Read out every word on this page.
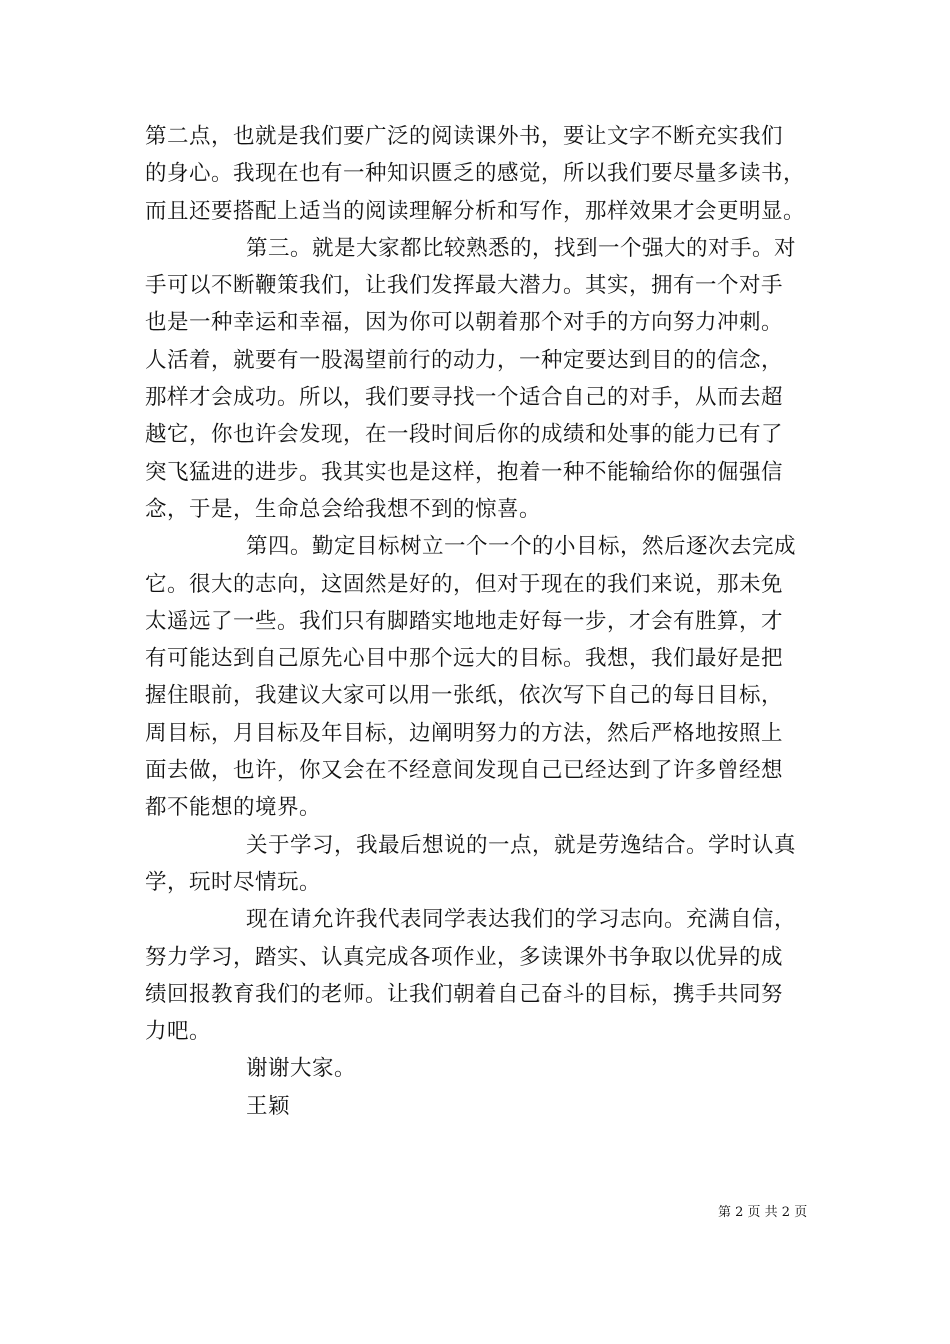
第二点，也就是我们要广泛的阅读课外书，要让文字不断充实我们
的身心。我现在也有一种知识匮乏的感觉，所以我们要尽量多读书，
而且还要搭配上适当的阅读理解分析和写作，那样效果才会更明显。
第三。就是大家都比较熟悉的，找到一个强大的对手。对
手可以不断鞭策我们，让我们发挥最大潜力。其实，拥有一个对手
也是一种幸运和幸福，因为你可以朝着那个对手的方向努力冲刺。
人活着，就要有一股渴望前行的动力，一种定要达到目的的信念，
那样才会成功。所以，我们要寻找一个适合自己的对手，从而去超
越它，你也许会发现，在一段时间后你的成绩和处事的能力已有了
突飞猛进的进步。我其实也是这样，抱着一种不能输给你的倔强信
念，于是，生命总会给我想不到的惊喜。
第四。勤定目标树立一个一个的小目标，然后逐次去完成
它。很大的志向，这固然是好的，但对于现在的我们来说，那未免
太遥远了一些。我们只有脚踏实地地走好每一步，才会有胜算，才
有可能达到自己原先心目中那个远大的目标。我想，我们最好是把
握住眼前，我建议大家可以用一张纸，依次写下自己的每日目标，
周目标，月目标及年目标，边阐明努力的方法，然后严格地按照上
面去做，也许，你又会在不经意间发现自己已经达到了许多曾经想
都不能想的境界。
关于学习，我最后想说的一点，就是劳逸结合。学时认真
学，玩时尽情玩。
现在请允许我代表同学表达我们的学习志向。充满自信，
努力学习，踏实、认真完成各项作业，多读课外书争取以优异的成
绩回报教育我们的老师。让我们朝着自己奋斗的目标，携手共同努
力吧。
谢谢大家。
王颖
第 2 页 共 2 页
